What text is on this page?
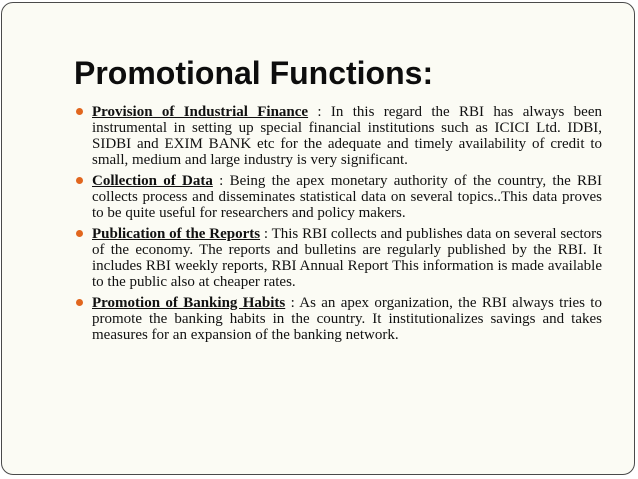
Promotional Functions:
Provision of Industrial Finance : In this regard the RBI has always been instrumental in setting up special financial institutions such as ICICI Ltd. IDBI, SIDBI and EXIM BANK etc for the adequate and timely availability of credit to small, medium and large industry is very significant.
Collection of Data : Being the apex monetary authority of the country, the RBI collects process and disseminates statistical data on several topics..This data proves to be quite useful for researchers and policy makers.
Publication of the Reports : This RBI collects and publishes data on several sectors of the economy. The reports and bulletins are regularly published by the RBI. It includes RBI weekly reports, RBI Annual Report This information is made available to the public also at cheaper rates.
Promotion of Banking Habits : As an apex organization, the RBI always tries to promote the banking habits in the country. It institutionalizes savings and takes measures for an expansion of the banking network.
